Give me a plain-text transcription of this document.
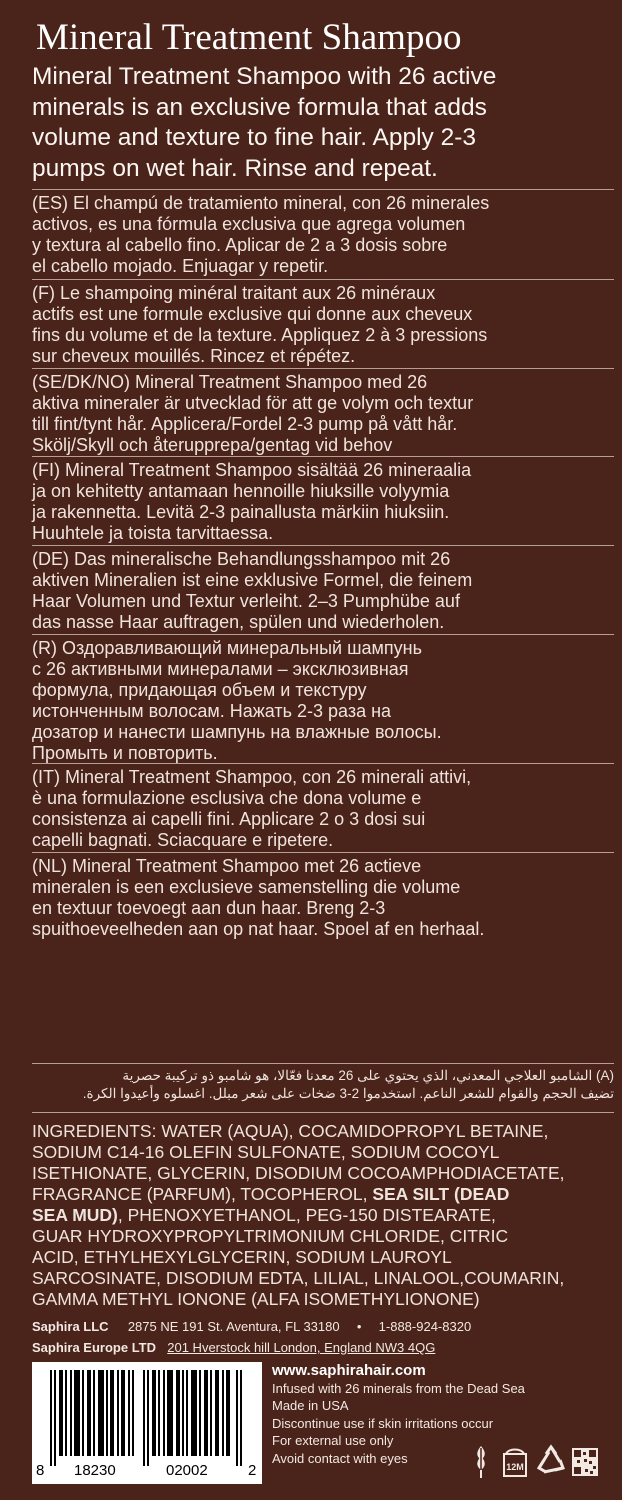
Mineral Treatment Shampoo
Mineral Treatment Shampoo with 26 active
minerals is an exclusive formula that adds
volume and texture to fine hair. Apply 2-3
pumps on wet hair. Rinse and repeat.
(ES) El champú de tratamiento mineral, con 26 minerales
activos, es una fórmula exclusiva que agrega volumen
y textura al cabello fino. Aplicar de 2 a 3 dosis sobre
el cabello mojado. Enjuagar y repetir.
(F) Le shampoing minéral traitant aux 26 minéraux
actifs est une formule exclusive qui donne aux cheveux
fins du volume et de la texture. Appliquez 2 à 3 pressions
sur cheveux mouillés. Rincez et répétez.
(SE/DK/NO) Mineral Treatment Shampoo med 26
aktiva mineraler är utvecklad för att ge volym och textur
till fint/tynt hår. Applicera/Fordel 2-3 pump på vått hår.
Skölj/Skyll och återupprepa/gentag vid behov
(FI) Mineral Treatment Shampoo sisältää 26 mineraalia
ja on kehitetty antamaan hennoille hiuksille volyymia
ja rakennetta. Levitä 2-3 painallusta märkiin hiuksiin.
Huuhtele ja toista tarvittaessa.
(DE) Das mineralische Behandlungsshampoo mit 26
aktiven Mineralien ist eine exklusive Formel, die feinem
Haar Volumen und Textur verleiht. 2–3 Pumphübe auf
das nasse Haar auftragen, spülen und wiederholen.
(R) Оздоравливающий минеральный шампунь
с 26 активными минералами – эксклюзивная
формула, придающая объем и текстуру
истонченным волосам. Нажать 2-3 раза на
дозатор и нанести шампунь на влажные волосы.
Промыть и повторить.
(IT) Mineral Treatment Shampoo, con 26 minerali attivi,
è una formulazione esclusiva che dona volume e
consistenza ai capelli fini. Applicare 2 o 3 dosi sui
capelli bagnati. Sciacquare e ripetere.
(NL) Mineral Treatment Shampoo met 26 actieve
mineralen is een exclusieve samenstelling die volume
en textuur toevoegt aan dun haar. Breng 2-3
spuithoeveelheden aan op nat haar. Spoel af en herhaal.
(A) الشامبو العلاجي المعدني، الذي يحتوي على 26 معدنا فعّالا، هو شامبو ذو تركيبة حصرية
تضيف الحجم والقوام للشعر الناعم. استخدموا 2-3 ضخات على شعر مبلل. اغسلوه وأعيدوا الكرة.
INGREDIENTS: WATER (AQUA), COCAMIDOPROPYL BETAINE,
SODIUM C14-16 OLEFIN SULFONATE, SODIUM COCOYL
ISETHIONATE, GLYCERIN, DISODIUM COCOAMPHODIACETATE,
FRAGRANCE (PARFUM), TOCOPHEROL, SEA SILT (DEAD
SEA MUD), PHENOXYETHANOL, PEG-150 DISTEARATE,
GUAR HYDROXYPROPYLTRIMONIUM CHLORIDE, CITRIC
ACID, ETHYLHEXYLGLYCERIN, SODIUM LAUROYL
SARCOSINATE, DISODIUM EDTA, LILIAL, LINALOOL,COUMARIN,
GAMMA METHYL IONONE (ALFA ISOMETHYLIONONE)
Saphira LLC 2875 NE 191 St. Aventura, FL 33180 • 1-888-924-8320
Saphira Europe LTD 201 Hverstock hill London, England NW3 4QG
8 18230	02002	2
www.saphirahair.com
Infused with 26 minerals from the Dead Sea
Made in USA
Discontinue use if skin irritations occur
For external use only
Avoid contact with eyes
12M
